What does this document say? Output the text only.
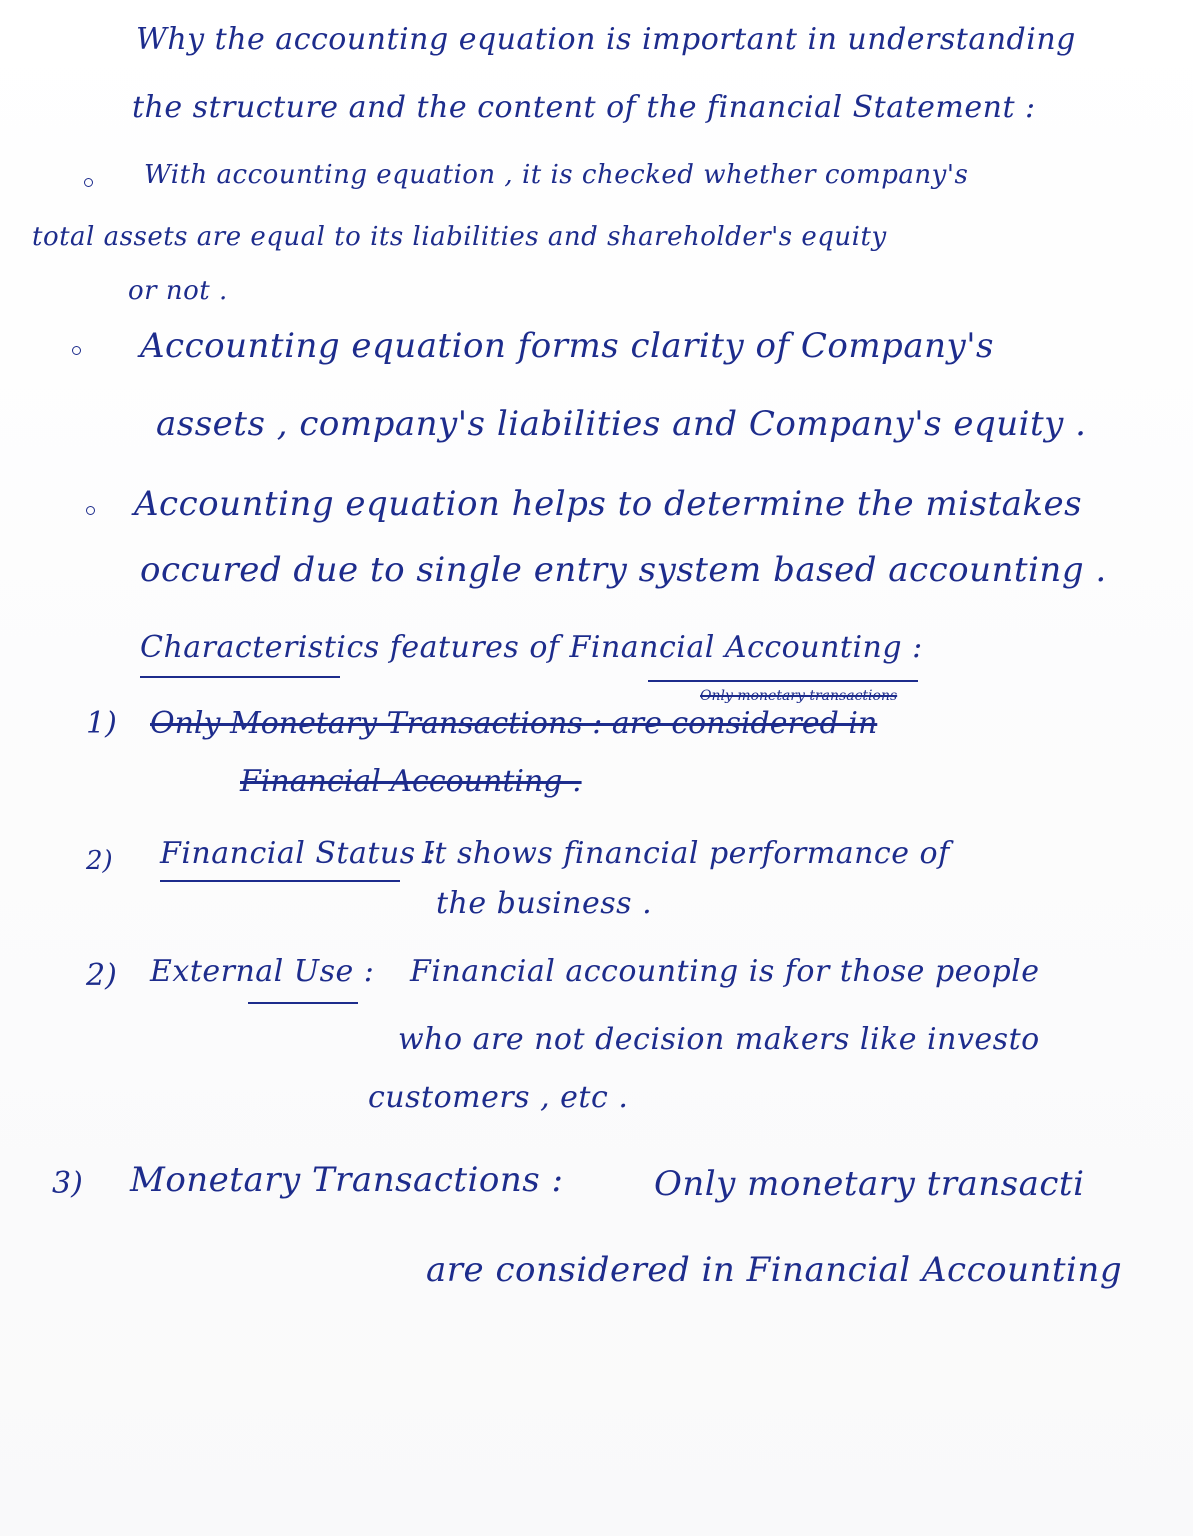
Why the accounting equation is important in understanding
the structure and the content of the financial Statement :
With accounting equation , it is checked whether company's
total assets are equal to its liabilities and shareholder's equity
or not .
Accounting equation forms clarity of Company's
assets , company's liabilities and Company's equity .
Accounting equation helps to determine the mistakes
occured due to single entry system based accounting .
Characteristics features of Financial Accounting :
Only monetary transactions
1) Only Monetary Transactions : are considered in
Financial Accounting .
2) Financial Status :
It shows financial performance of
the business .
2) External Use : Financial accounting is for those people
who are not decision makers like investo
customers , etc .
3) Monetary Transactions :	Only monetary transacti
are considered in Financial Accounting
